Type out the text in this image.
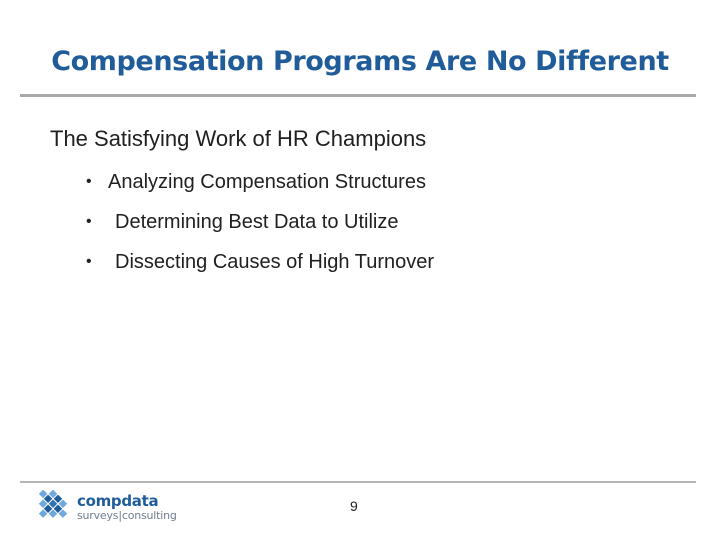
Compensation Programs Are No Different
The Satisfying Work of HR Champions
• Analyzing Compensation Structures
• Determining Best Data to Utilize
• Dissecting Causes of High Turnover
compdata
surveys|consulting
9
